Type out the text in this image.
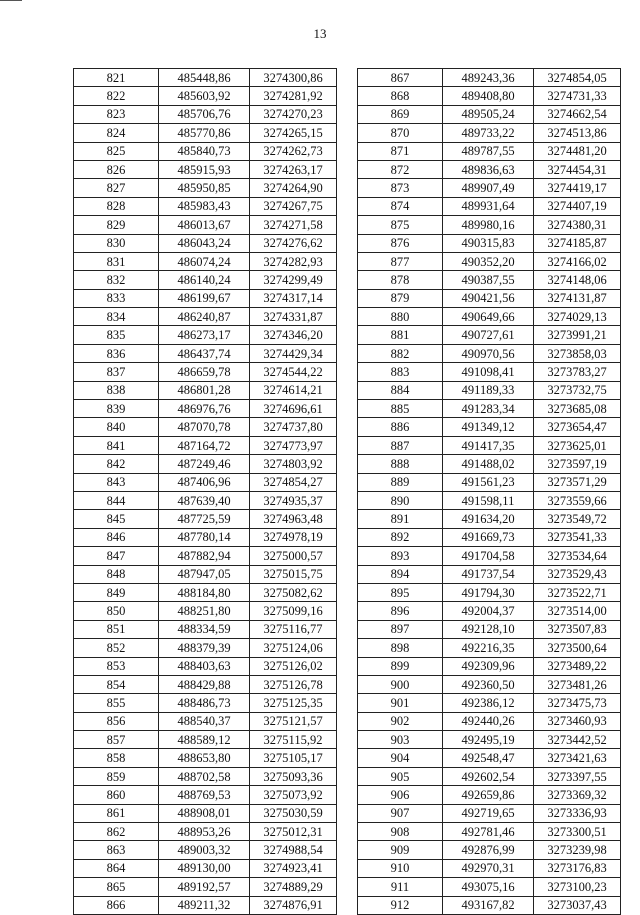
13
821	485448,86	3274300,86
822	485603,92	3274281,92
823	485706,76	3274270,23
824	485770,86	3274265,15
825	485840,73	3274262,73
826	485915,93	3274263,17
827	485950,85	3274264,90
828	485983,43	3274267,75
829	486013,67	3274271,58
830	486043,24	3274276,62
831	486074,24	3274282,93
832	486140,24	3274299,49
833	486199,67	3274317,14
834	486240,87	3274331,87
835	486273,17	3274346,20
836	486437,74	3274429,34
837	486659,78	3274544,22
838	486801,28	3274614,21
839	486976,76	3274696,61
840	487070,78	3274737,80
841	487164,72	3274773,97
842	487249,46	3274803,92
843	487406,96	3274854,27
844	487639,40	3274935,37
845	487725,59	3274963,48
846	487780,14	3274978,19
847	487882,94	3275000,57
848	487947,05	3275015,75
849	488184,80	3275082,62
850	488251,80	3275099,16
851	488334,59	3275116,77
852	488379,39	3275124,06
853	488403,63	3275126,02
854	488429,88	3275126,78
855	488486,73	3275125,35
856	488540,37	3275121,57
857	488589,12	3275115,92
858	488653,80	3275105,17
859	488702,58	3275093,36
860	488769,53	3275073,92
861	488908,01	3275030,59
862	488953,26	3275012,31
863	489003,32	3274988,54
864	489130,00	3274923,41
865	489192,57	3274889,29
866	489211,32	3274876,91
867	489243,36	3274854,05
868	489408,80	3274731,33
869	489505,24	3274662,54
870	489733,22	3274513,86
871	489787,55	3274481,20
872	489836,63	3274454,31
873	489907,49	3274419,17
874	489931,64	3274407,19
875	489980,16	3274380,31
876	490315,83	3274185,87
877	490352,20	3274166,02
878	490387,55	3274148,06
879	490421,56	3274131,87
880	490649,66	3274029,13
881	490727,61	3273991,21
882	490970,56	3273858,03
883	491098,41	3273783,27
884	491189,33	3273732,75
885	491283,34	3273685,08
886	491349,12	3273654,47
887	491417,35	3273625,01
888	491488,02	3273597,19
889	491561,23	3273571,29
890	491598,11	3273559,66
891	491634,20	3273549,72
892	491669,73	3273541,33
893	491704,58	3273534,64
894	491737,54	3273529,43
895	491794,30	3273522,71
896	492004,37	3273514,00
897	492128,10	3273507,83
898	492216,35	3273500,64
899	492309,96	3273489,22
900	492360,50	3273481,26
901	492386,12	3273475,73
902	492440,26	3273460,93
903	492495,19	3273442,52
904	492548,47	3273421,63
905	492602,54	3273397,55
906	492659,86	3273369,32
907	492719,65	3273336,93
908	492781,46	3273300,51
909	492876,99	3273239,98
910	492970,31	3273176,83
911	493075,16	3273100,23
912	493167,82	3273037,43
